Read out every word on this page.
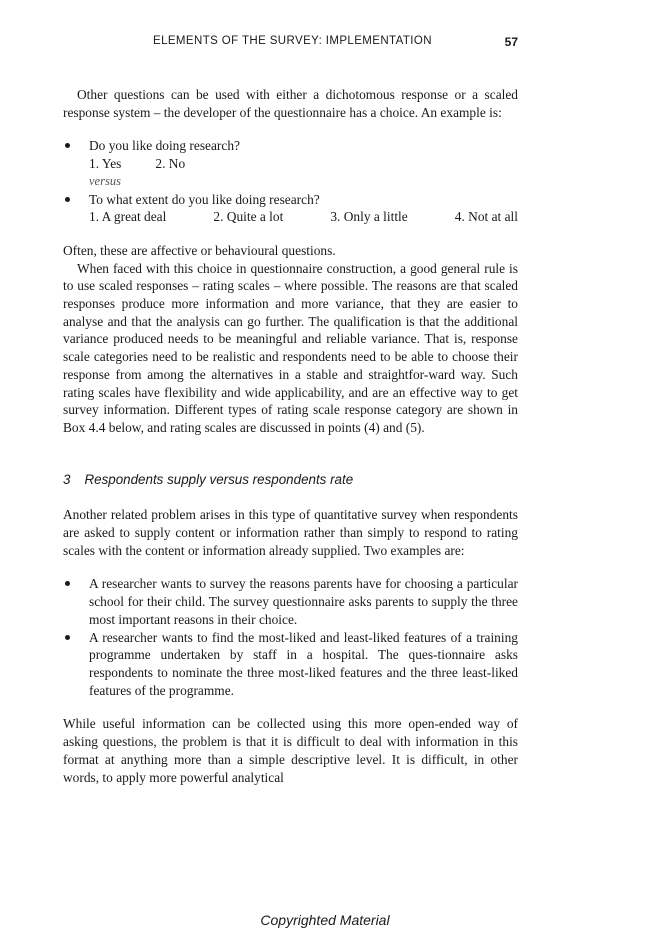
ELEMENTS OF THE SURVEY: IMPLEMENTATION	57

Other questions can be used with either a dichotomous response or a scaled response system – the developer of the questionnaire has a choice. An example is:

Do you like doing research?
1. Yes	2. No
versus
To what extent do you like doing research?
1. A great deal	2. Quite a lot	3. Only a little	4. Not at all

Often, these are affective or behavioural questions.

When faced with this choice in questionnaire construction, a good general rule is to use scaled responses – rating scales – where possible. The reasons are that scaled responses produce more information and more variance, that they are easier to analyse and that the analysis can go further. The qualification is that the additional variance produced needs to be meaningful and reliable variance. That is, response scale categories need to be realistic and respondents need to be able to choose their response from among the alternatives in a stable and straightfor-ward way. Such rating scales have flexibility and wide applicability, and are an effective way to get survey information. Different types of rating scale response category are shown in Box 4.4 below, and rating scales are discussed in points (4) and (5).

3 Respondents supply versus respondents rate

Another related problem arises in this type of quantitative survey when respondents are asked to supply content or information rather than simply to respond to rating scales with the content or information already supplied. Two examples are:

A researcher wants to survey the reasons parents have for choosing a particular school for their child. The survey questionnaire asks parents to supply the three most important reasons in their choice.
A researcher wants to find the most-liked and least-liked features of a training programme undertaken by staff in a hospital. The ques-tionnaire asks respondents to nominate the three most-liked features and the three least-liked features of the programme.

While useful information can be collected using this more open-ended way of asking questions, the problem is that it is difficult to deal with information in this format at anything more than a simple descriptive level. It is difficult, in other words, to apply more powerful analytical

Copyrighted Material
